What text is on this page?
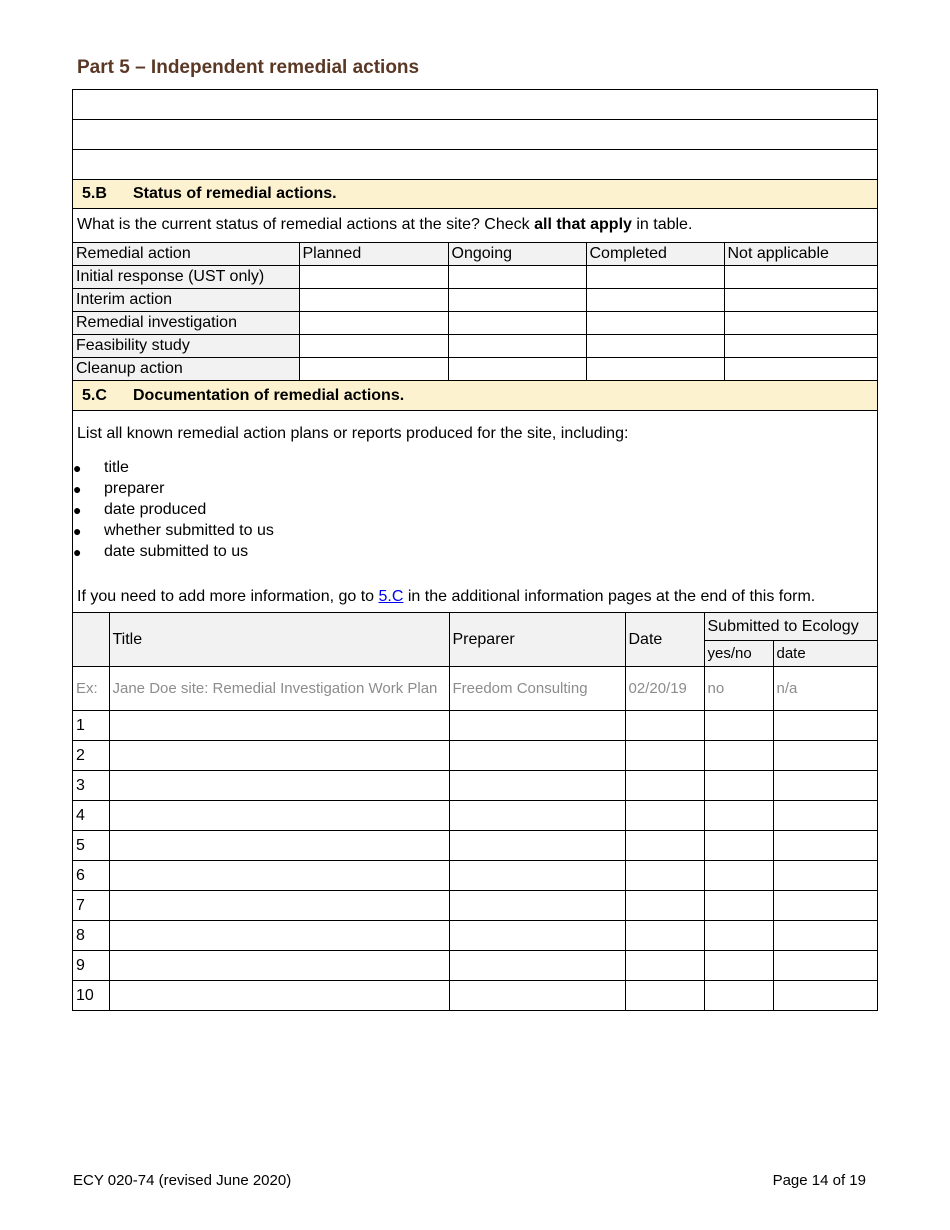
Part 5 – Independent remedial actions
5.B	Status of remedial actions.
What is the current status of remedial actions at the site? Check all that apply in table.
Remedial action	Planned	Ongoing	Completed	Not applicable
Initial response (UST only)				
Interim action				
Remedial investigation				
Feasibility study				
Cleanup action				
5.C	Documentation of remedial actions.
List all known remedial action plans or reports produced for the site, including:
●	title
●	preparer
●	date produced
●	whether submitted to us
●	date submitted to us
If you need to add more information, go to 5.C in the additional information pages at the end of this form.
	Title	Preparer	Date	Submitted to Ecology	
				yes/no	date
Ex:	Jane Doe site: Remedial Investigation Work Plan	Freedom Consulting	02/20/19	no	n/a
1					
2					
3					
4					
5					
6					
7					
8					
9					
10					
ECY 020-74 (revised June 2020)	Page 14 of 19
